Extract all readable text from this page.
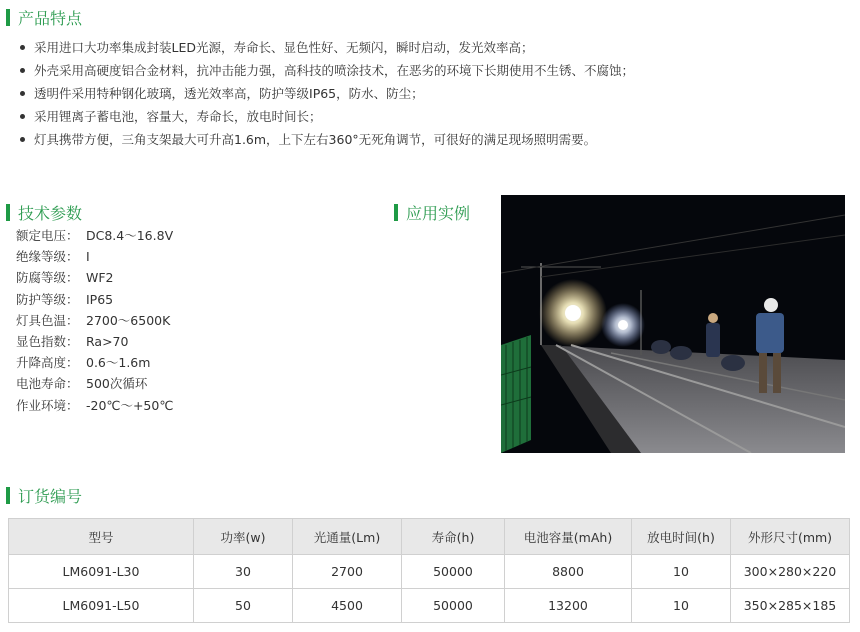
产品特点
采用进口大功率集成封装LED光源，寿命长、显色性好、无频闪，瞬时启动，发光效率高；
外壳采用高硬度铝合金材料，抗冲击能力强，高科技的喷涂技术，在恶劣的环境下长期使用不生锈、不腐蚀；
透明件采用特种钢化玻璃，透光效率高，防护等级IP65，防水、防尘；
采用锂离子蓄电池，容量大，寿命长，放电时间长；
灯具携带方便，三角支架最大可升高1.6m，上下左右360°无死角调节，可很好的满足现场照明需要。
技术参数
额定电压： DC8.4～16.8V
绝缘等级： Ⅰ
防腐等级： WF2
防护等级： IP65
灯具色温： 2700～6500K
显色指数： Ra>70
升降高度： 0.6～1.6m
电池寿命： 500次循环
作业环境： -20℃～+50℃
应用实例
订货编号
型号	功率(w)	光通量(Lm)	寿命(h)	电池容量(mAh)	放电时间(h)	外形尺寸(mm)
LM6091-L30	30	2700	50000	8800	10	300×280×220
LM6091-L50	50	4500	50000	13200	10	350×285×185
